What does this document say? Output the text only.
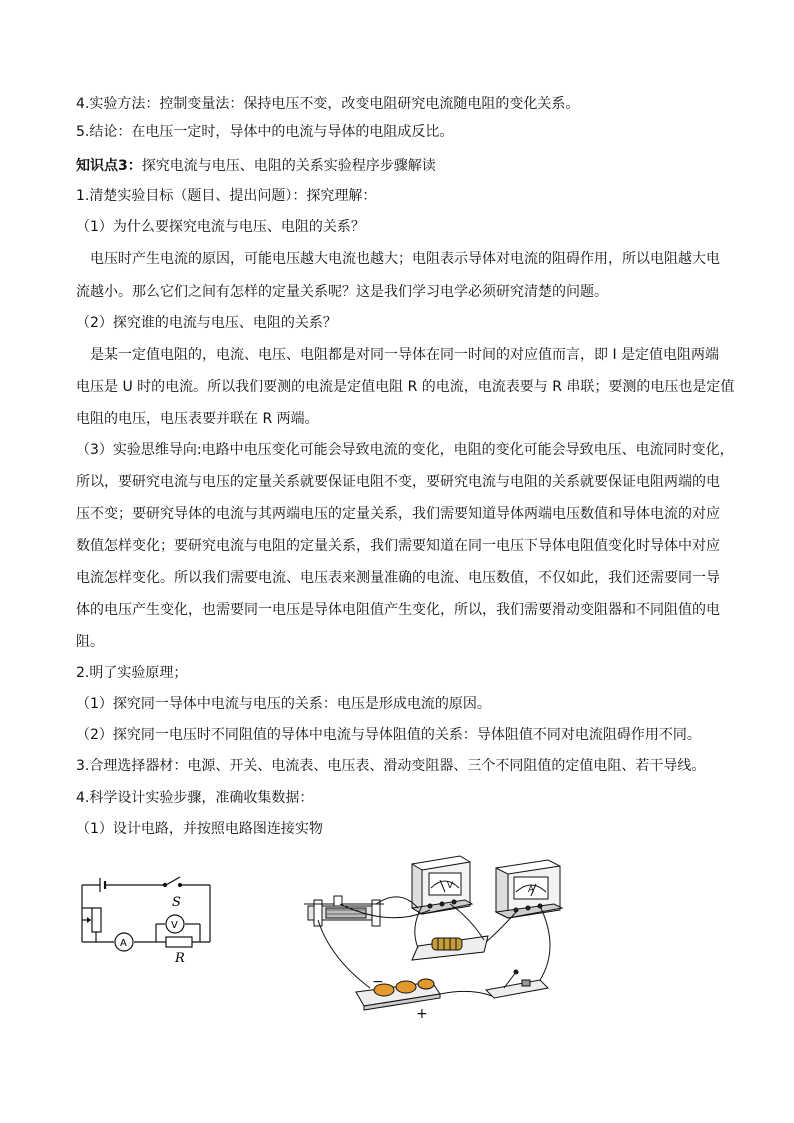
4.实验方法：控制变量法：保持电压不变，改变电阻研究电流随电阻的变化关系。
5.结论：在电压一定时，导体中的电流与导体的电阻成反比。
知识点3：探究电流与电压、电阻的关系实验程序步骤解读
1.清楚实验目标（题目、提出问题）：探究理解：
（1）为什么要探究电流与电压、电阻的关系？
电压时产生电流的原因，可能电压越大电流也越大；电阻表示导体对电流的阻碍作用，所以电阻越大电
流越小。那么它们之间有怎样的定量关系呢？这是我们学习电学必须研究清楚的问题。
（2）探究谁的电流与电压、电阻的关系？
是某一定值电阻的，电流、电压、电阻都是对同一导体在同一时间的对应值而言，即 I 是定值电阻两端
电压是 U 时的电流。所以我们要测的电流是定值电阻 R 的电流，电流表要与 R 串联；要测的电压也是定值
电阻的电压，电压表要并联在 R 两端。
（3）实验思维导向:电路中电压变化可能会导致电流的变化，电阻的变化可能会导致电压、电流同时变化，
所以，要研究电流与电压的定量关系就要保证电阻不变，要研究电流与电阻的关系就要保证电阻两端的电
压不变；要研究导体的电流与其两端电压的定量关系，我们需要知道导体两端电压数值和导体电流的对应
数值怎样变化；要研究电流与电阻的定量关系，我们需要知道在同一电压下导体电阻值变化时导体中对应
电流怎样变化。所以我们需要电流、电压表来测量准确的电流、电压数值，不仅如此，我们还需要同一导
体的电压产生变化，也需要同一电压是导体电阻值产生变化，所以，我们需要滑动变阻器和不同阻值的电
阻。
2.明了实验原理；
（1）探究同一导体中电流与电压的关系：电压是形成电流的原因。
（2）探究同一电压时不同阻值的导体中电流与导体阻值的关系：导体阻值不同对电流阻碍作用不同。
3.合理选择器材：电源、开关、电流表、电压表、滑动变阻器、三个不同阻值的定值电阻、若干导线。
4.科学设计实验步骤，准确收集数据：
（1）设计电路，并按照电路图连接实物
S
V
A
R
V	A
−
+
